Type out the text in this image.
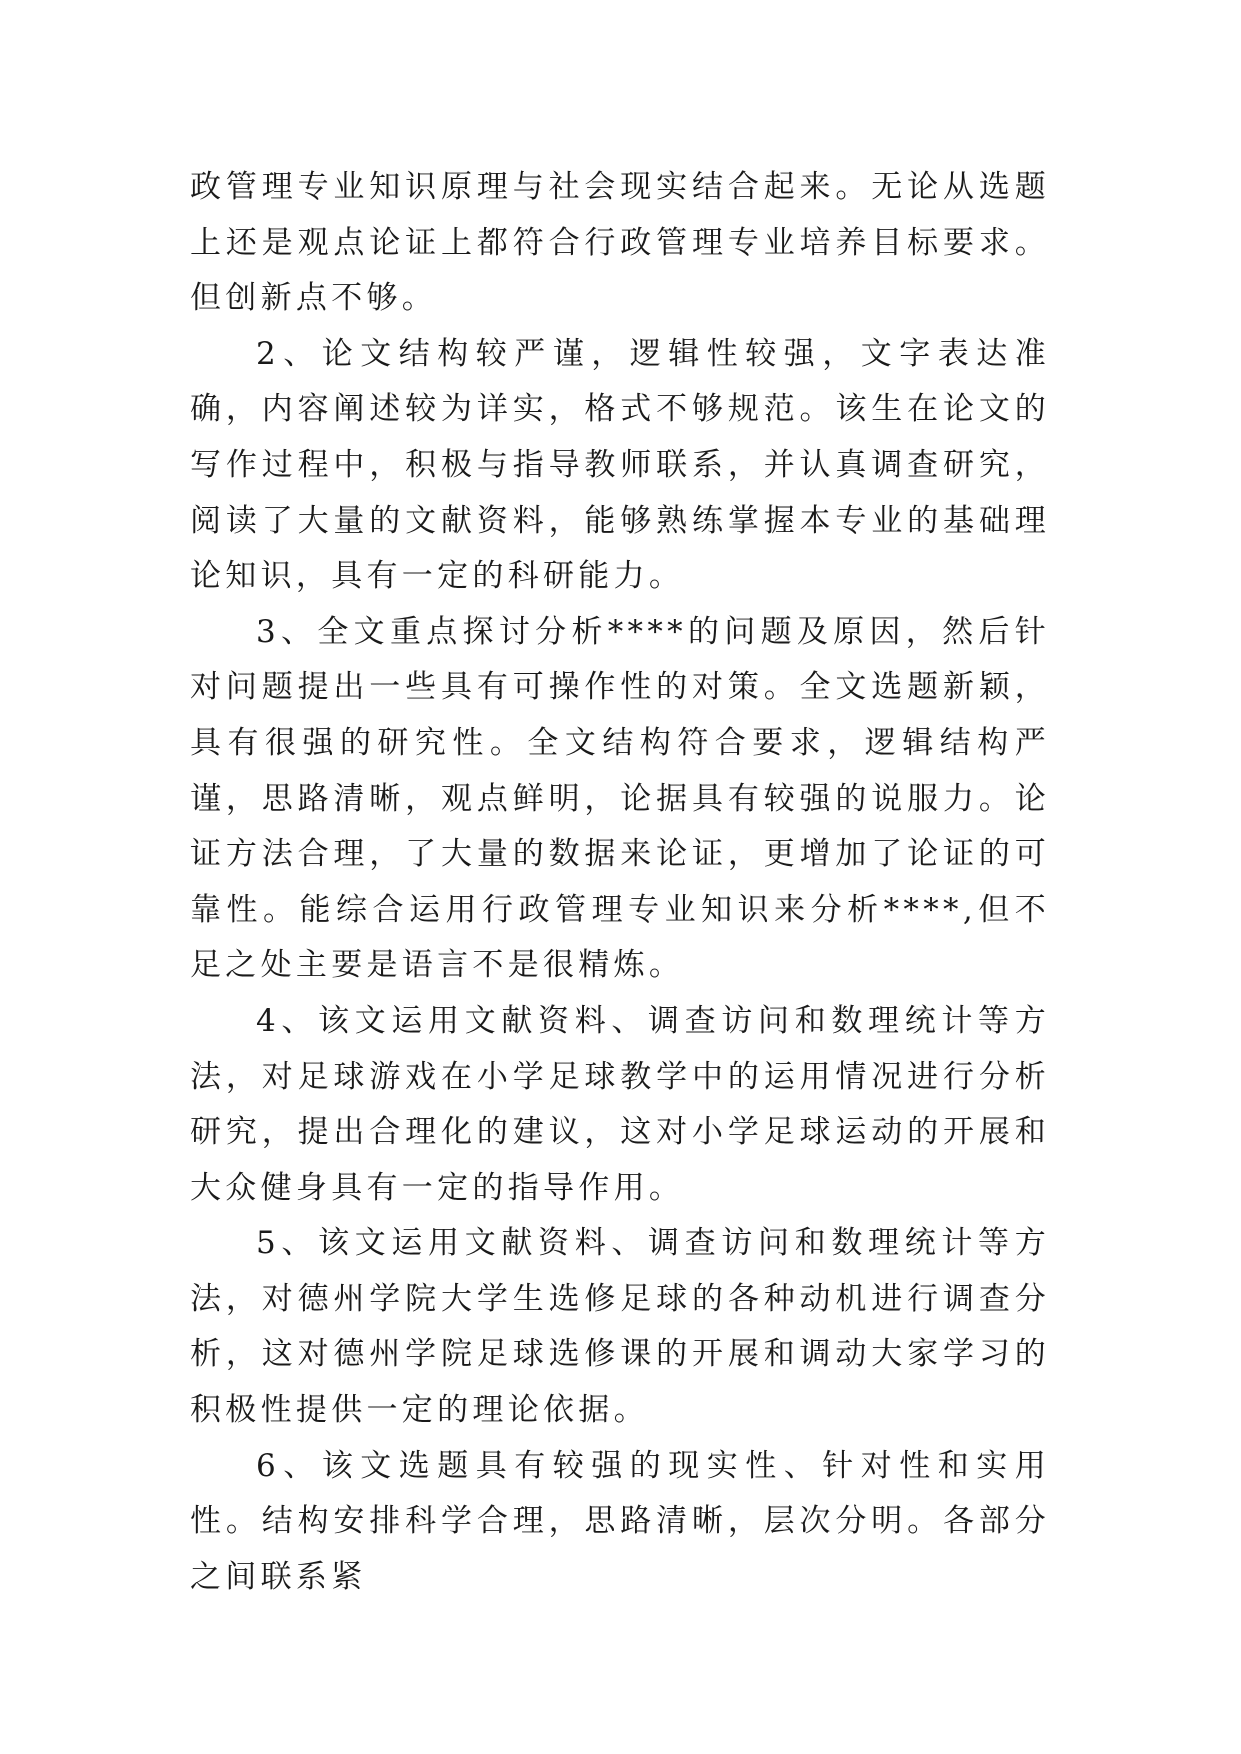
政管理专业知识原理与社会现实结合起来。无论从选题上还是观点论证上都符合行政管理专业培养目标要求。但创新点不够。

2、论文结构较严谨，逻辑性较强，文字表达准确，内容阐述较为详实，格式不够规范。该生在论文的写作过程中，积极与指导教师联系，并认真调查研究，阅读了大量的文献资料，能够熟练掌握本专业的基础理论知识，具有一定的科研能力。

3、全文重点探讨分析****的问题及原因，然后针对问题提出一些具有可操作性的对策。全文选题新颖，具有很强的研究性。全文结构符合要求，逻辑结构严谨，思路清晰，观点鲜明，论据具有较强的说服力。论证方法合理，了大量的数据来论证，更增加了论证的可靠性。能综合运用行政管理专业知识来分析****,但不足之处主要是语言不是很精炼。

4、该文运用文献资料、调查访问和数理统计等方法，对足球游戏在小学足球教学中的运用情况进行分析研究，提出合理化的建议，这对小学足球运动的开展和大众健身具有一定的指导作用。

5、该文运用文献资料、调查访问和数理统计等方法，对德州学院大学生选修足球的各种动机进行调查分析，这对德州学院足球选修课的开展和调动大家学习的积极性提供一定的理论依据。

6、该文选题具有较强的现实性、针对性和实用性。结构安排科学合理，思路清晰，层次分明。各部分之间联系紧
